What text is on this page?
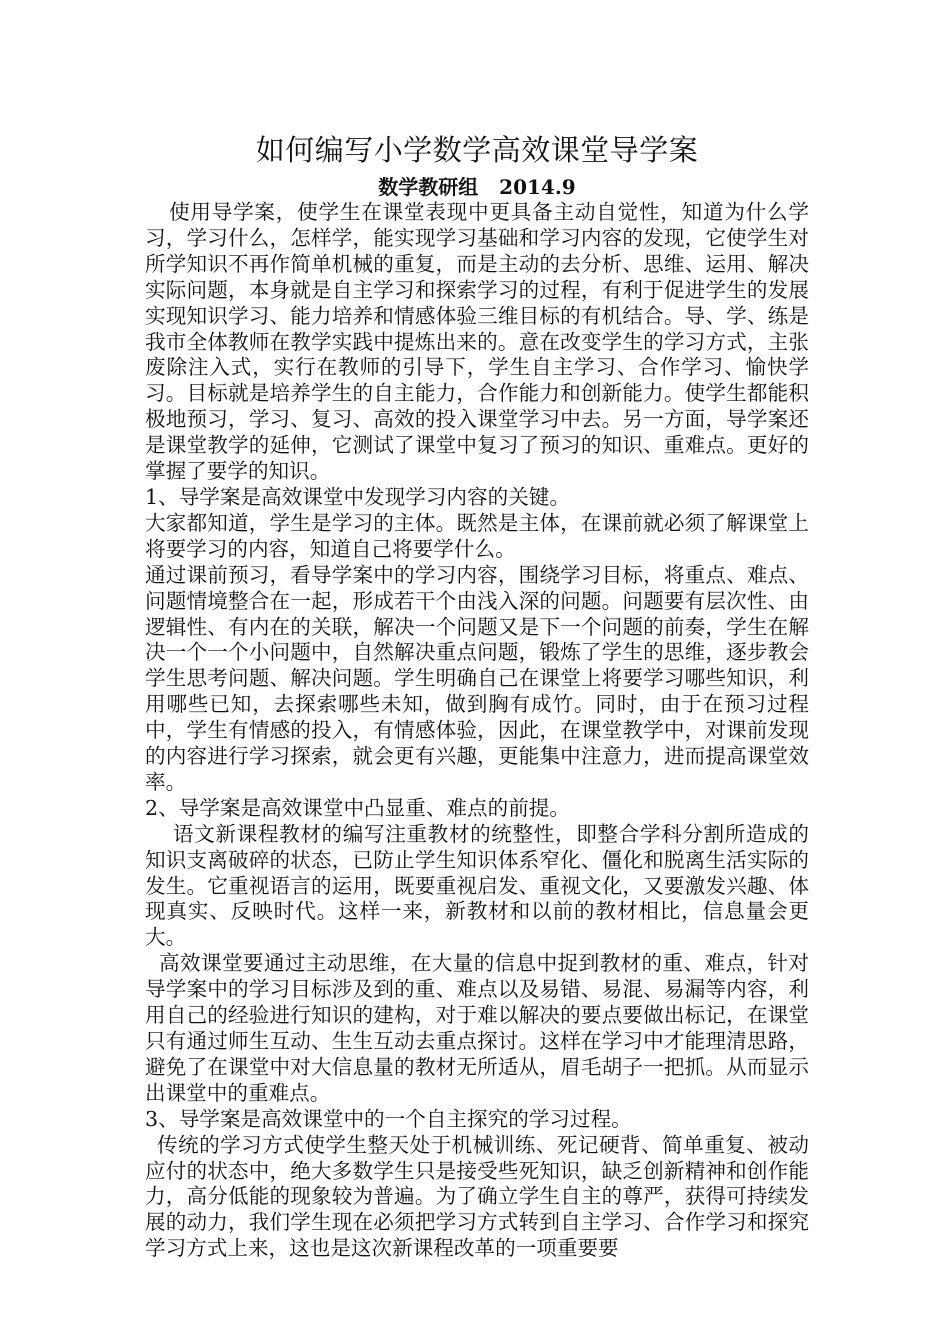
如何编写小学数学高效课堂导学案
数学教研组   2014.9

使用导学案，使学生在课堂表现中更具备主动自觉性，知道为什么学习，学习什么，怎样学，能实现学习基础和学习内容的发现，它使学生对所学知识不再作简单机械的重复，而是主动的去分析、思维、运用、解决实际问题，本身就是自主学习和探索学习的过程，有利于促进学生的发展实现知识学习、能力培养和情感体验三维目标的有机结合。导、学、练是我市全体教师在教学实践中提炼出来的。意在改变学生的学习方式，主张废除注入式，实行在教师的引导下，学生自主学习、合作学习、愉快学习。目标就是培养学生的自主能力，合作能力和创新能力。使学生都能积极地预习，学习、复习、高效的投入课堂学习中去。另一方面，导学案还是课堂教学的延伸，它测试了课堂中复习了预习的知识、重难点。更好的掌握了要学的知识。

1、导学案是高效课堂中发现学习内容的关键。

大家都知道，学生是学习的主体。既然是主体，在课前就必须了解课堂上将要学习的内容，知道自己将要学什么。

通过课前预习，看导学案中的学习内容，围绕学习目标，将重点、难点、问题情境整合在一起，形成若干个由浅入深的问题。问题要有层次性、由逻辑性、有内在的关联，解决一个问题又是下一个问题的前奏，学生在解决一个一个小问题中，自然解决重点问题，锻炼了学生的思维，逐步教会学生思考问题、解决问题。学生明确自己在课堂上将要学习哪些知识，利用哪些已知，去探索哪些未知，做到胸有成竹。同时，由于在预习过程中，学生有情感的投入，有情感体验，因此，在课堂教学中，对课前发现的内容进行学习探索，就会更有兴趣，更能集中注意力，进而提高课堂效率。

2、导学案是高效课堂中凸显重、难点的前提。

语文新课程教材的编写注重教材的统整性，即整合学科分割所造成的知识支离破碎的状态，已防止学生知识体系窄化、僵化和脱离生活实际的发生。它重视语言的运用，既要重视启发、重视文化，又要激发兴趣、体现真实、反映时代。这样一来，新教材和以前的教材相比，信息量会更大。

高效课堂要通过主动思维，在大量的信息中捉到教材的重、难点，针对导学案中的学习目标涉及到的重、难点以及易错、易混、易漏等内容，利用自己的经验进行知识的建构，对于难以解决的要点要做出标记，在课堂只有通过师生互动、生生互动去重点探讨。这样在学习中才能理清思路，避免了在课堂中对大信息量的教材无所适从，眉毛胡子一把抓。从而显示出课堂中的重难点。

3、导学案是高效课堂中的一个自主探究的学习过程。

传统的学习方式使学生整天处于机械训练、死记硬背、简单重复、被动应付的状态中，绝大多数学生只是接受些死知识，缺乏创新精神和创作能力，高分低能的现象较为普遍。为了确立学生自主的尊严，获得可持续发展的动力，我们学生现在必须把学习方式转到自主学习、合作学习和探究学习方式上来，这也是这次新课程改革的一项重要要
